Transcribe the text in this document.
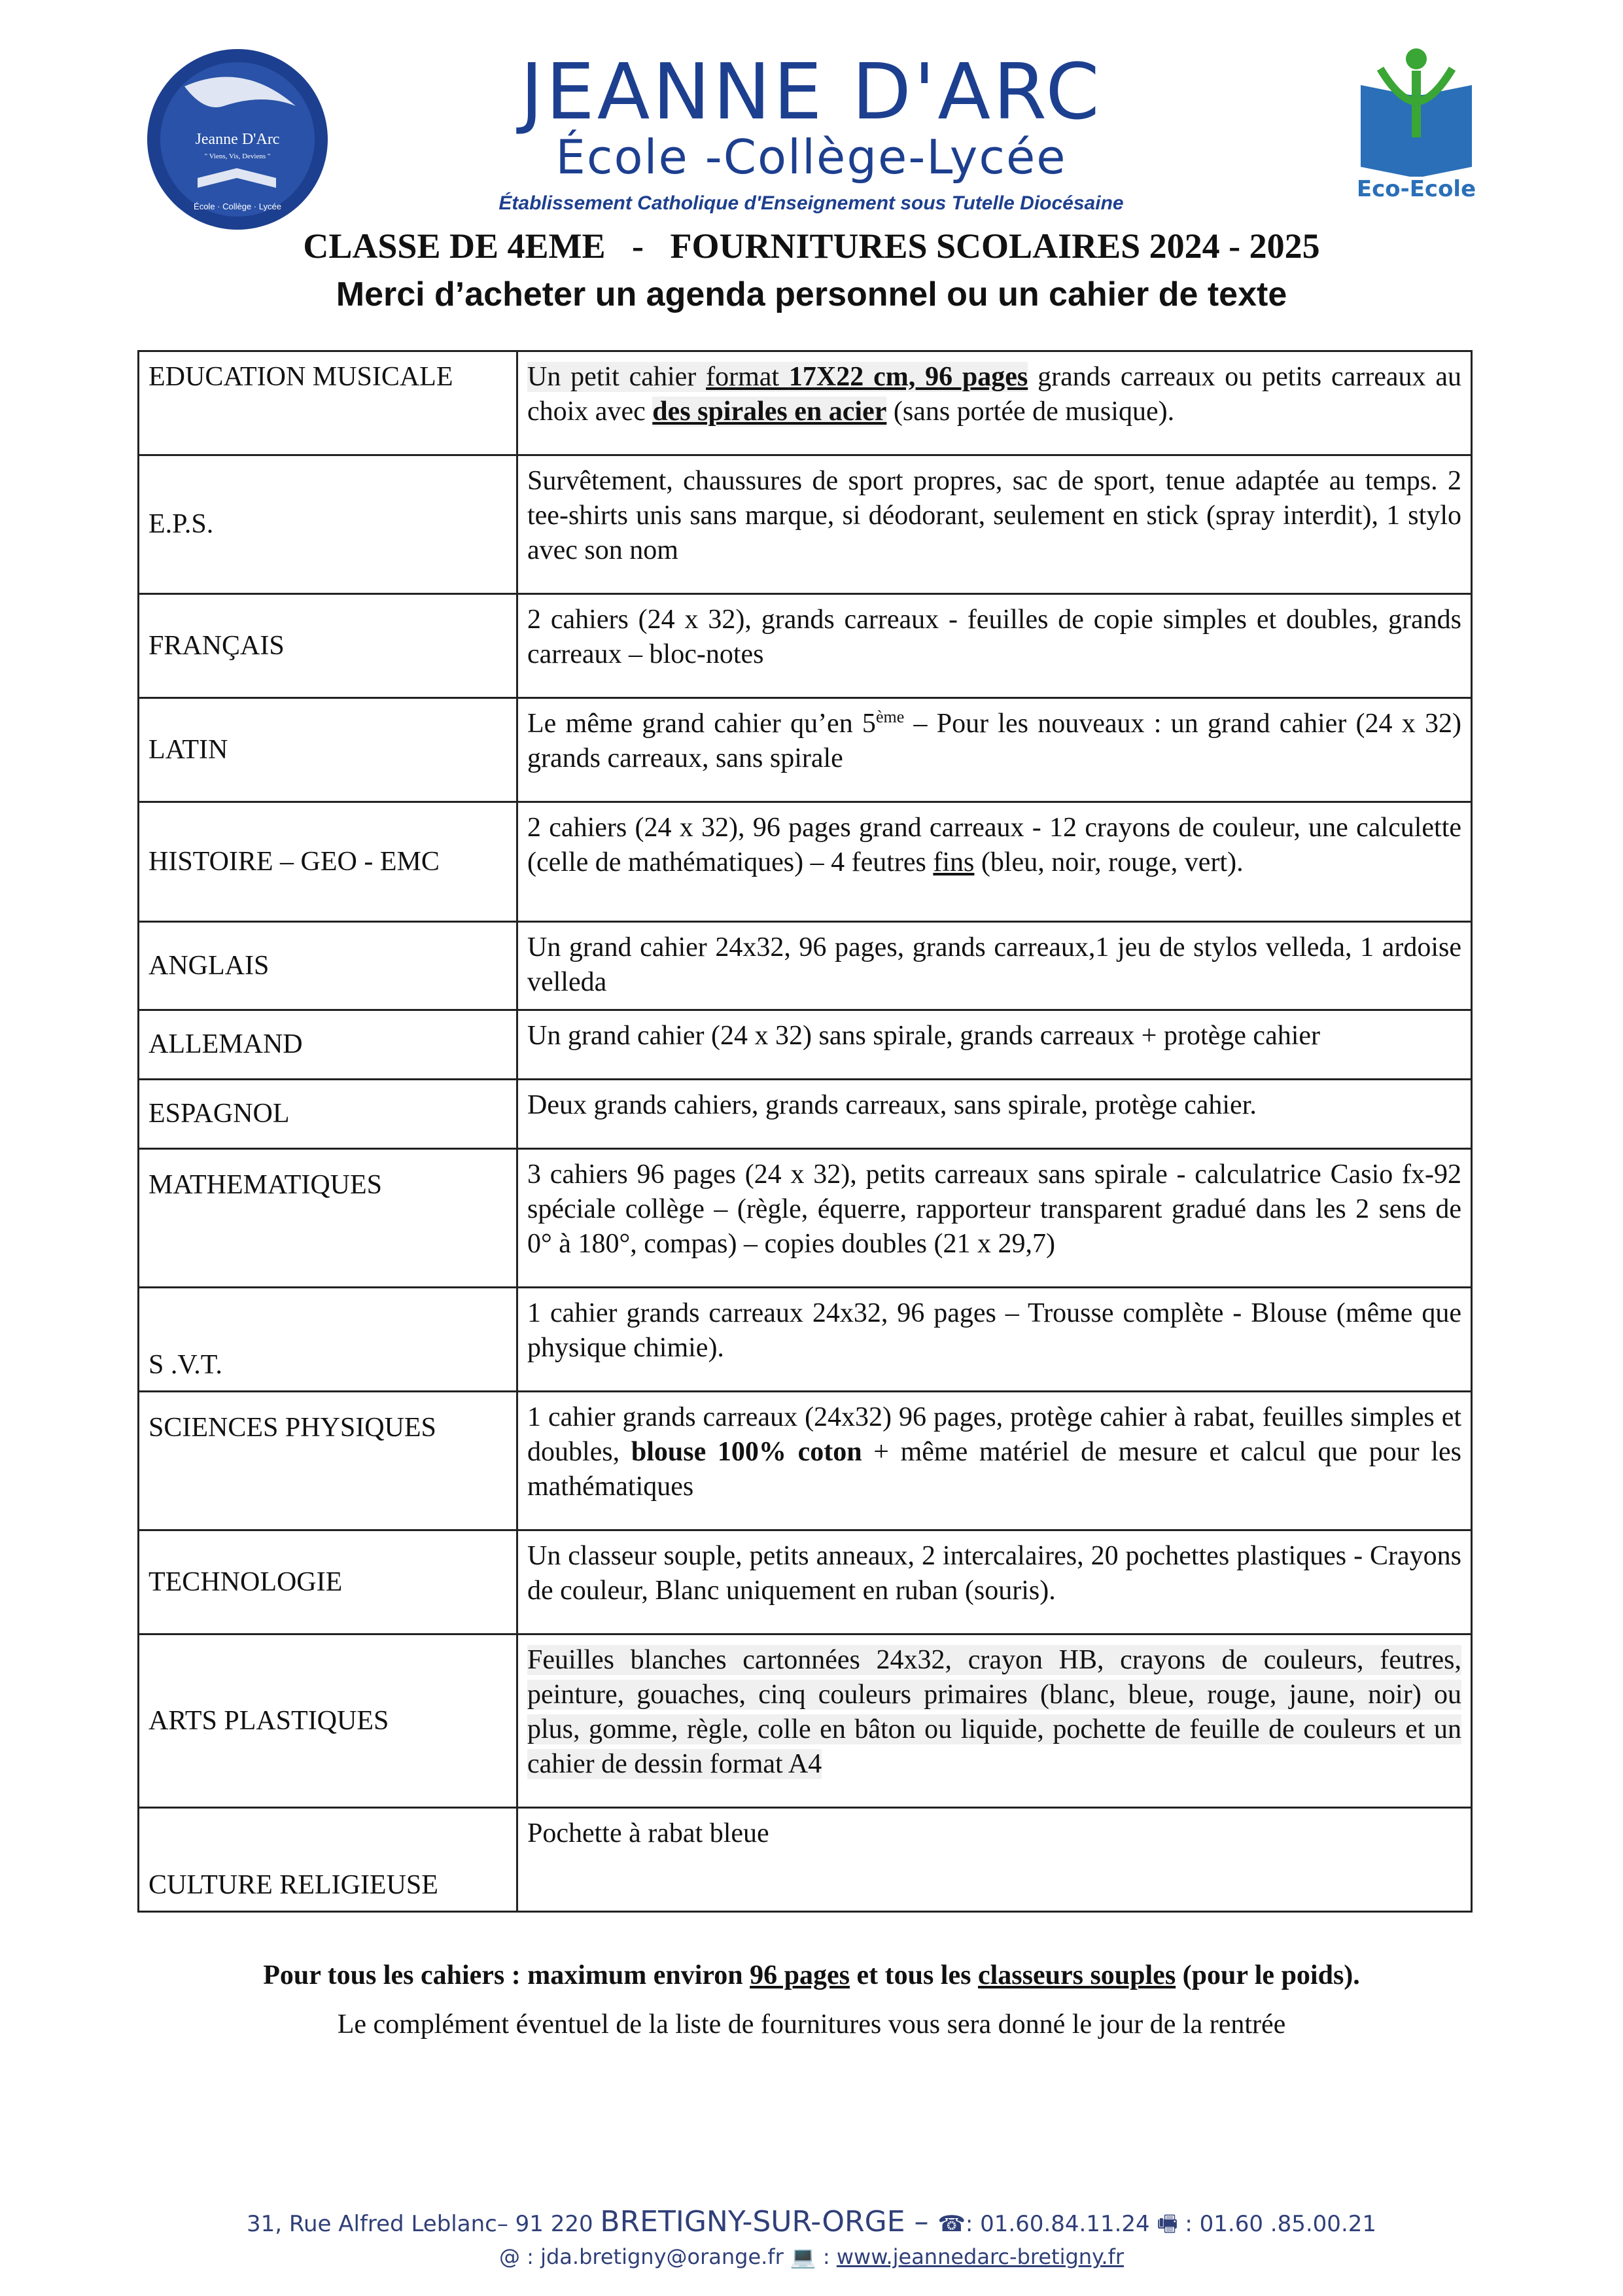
Jeanne D'Arc
" Viens, Vis, Deviens "
École · Collège · Lycée
JEANNE D'ARC
École -Collège-Lycée
Établissement Catholique d'Enseignement sous Tutelle Diocésaine
Eco-Ecole
CLASSE DE 4EME   -   FOURNITURES SCOLAIRES 2024 - 2025
Merci d’acheter un agenda personnel ou un cahier de texte
EDUCATION MUSICALE	Un petit cahier format 17X22 cm, 96 pages grands carreaux ou petits carreaux au choix avec des spirales en acier (sans portée de musique).
E.P.S.	Survêtement, chaussures de sport propres, sac de sport, tenue adaptée au temps. 2 tee-shirts unis sans marque, si déodorant, seulement en stick (spray interdit), 1 stylo avec son nom
FRANÇAIS	2 cahiers (24 x 32), grands carreaux - feuilles de copie simples et doubles, grands carreaux – bloc-notes
LATIN	Le même grand cahier qu’en 5ème – Pour les nouveaux : un grand cahier (24 x 32) grands carreaux, sans spirale
HISTOIRE – GEO - EMC	2 cahiers (24 x 32), 96 pages grand carreaux - 12 crayons de couleur, une calculette (celle de mathématiques) – 4 feutres fins (bleu, noir, rouge, vert).
ANGLAIS	Un grand cahier 24x32, 96 pages, grands carreaux,1 jeu de stylos velleda, 1 ardoise velleda
ALLEMAND	Un grand cahier (24 x 32) sans spirale, grands carreaux + protège cahier
ESPAGNOL	Deux grands cahiers, grands carreaux, sans spirale, protège cahier.
MATHEMATIQUES	3 cahiers 96 pages (24 x 32), petits carreaux sans spirale - calculatrice Casio fx-92 spéciale collège – (règle, équerre, rapporteur transparent gradué dans les 2 sens de 0° à 180°, compas) – copies doubles (21 x 29,7)
S .V.T.	1 cahier grands carreaux 24x32, 96 pages – Trousse complète - Blouse (même que physique chimie).
SCIENCES PHYSIQUES	1 cahier grands carreaux (24x32) 96 pages, protège cahier à rabat, feuilles simples et doubles, blouse 100% coton + même matériel de mesure et calcul que pour les mathématiques
TECHNOLOGIE	Un classeur souple, petits anneaux, 2 intercalaires, 20 pochettes plastiques - Crayons de couleur, Blanc uniquement en ruban (souris).
ARTS PLASTIQUES	Feuilles blanches cartonnées 24x32, crayon HB, crayons de couleurs, feutres, peinture, gouaches, cinq couleurs primaires (blanc, bleue, rouge, jaune, noir) ou plus, gomme, règle, colle en bâton ou liquide, pochette de feuille de couleurs et un cahier de dessin format A4
CULTURE RELIGIEUSE	Pochette à rabat bleue
Pour tous les cahiers : maximum environ 96 pages et tous les classeurs souples (pour le poids).
Le complément éventuel de la liste de fournitures vous sera donné le jour de la rentrée
31, Rue Alfred Leblanc– 91 220 BRETIGNY-SUR-ORGE – ☎: 01.60.84.11.24 🖷 : 01.60 .85.00.21
@ : jda.bretigny@orange.fr 💻 : www.jeannedarc-bretigny.fr
